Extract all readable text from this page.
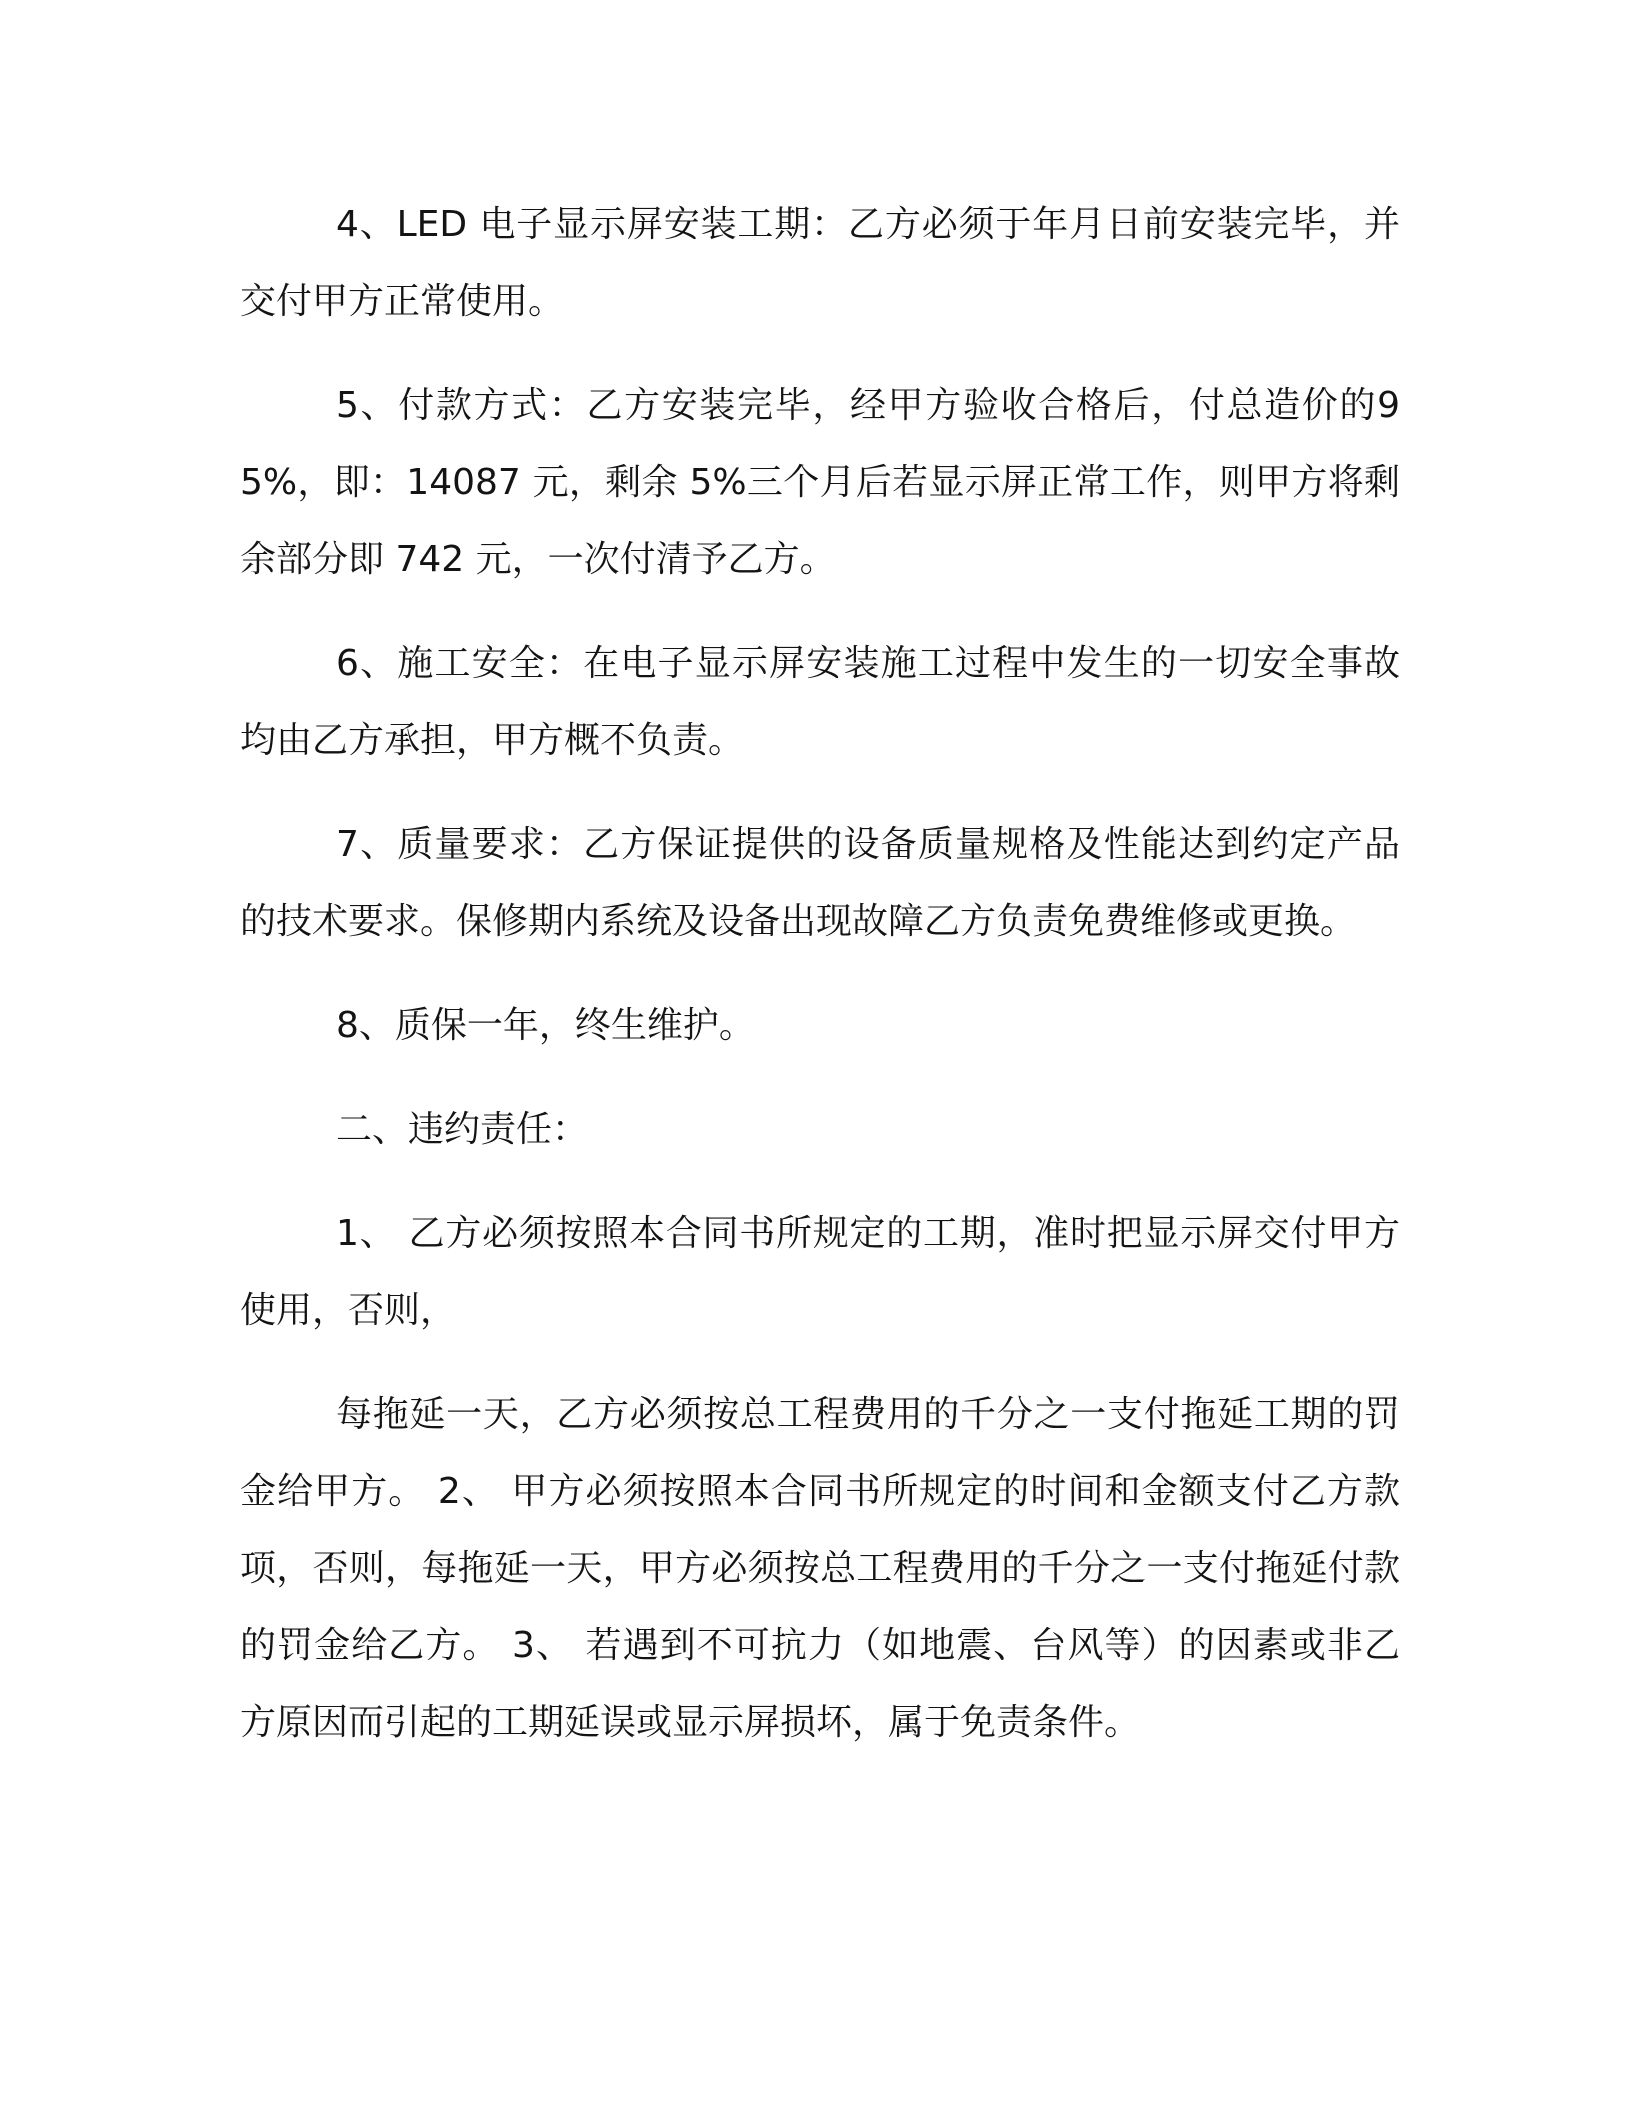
4、LED 电子显示屏安装工期：乙方必须于年月日前安装完毕，并交付甲方正常使用。

5、付款方式：乙方安装完毕，经甲方验收合格后，付总造价的95%，即：14087 元，剩余 5%三个月后若显示屏正常工作，则甲方将剩余部分即 742 元，一次付清予乙方。

6、施工安全：在电子显示屏安装施工过程中发生的一切安全事故均由乙方承担，甲方概不负责。

7、质量要求：乙方保证提供的设备质量规格及性能达到约定产品的技术要求。保修期内系统及设备出现故障乙方负责免费维修或更换。

8、质保一年，终生维护。

二、违约责任：

1、 乙方必须按照本合同书所规定的工期，准时把显示屏交付甲方使用，否则，

每拖延一天，乙方必须按总工程费用的千分之一支付拖延工期的罚金给甲方。 2、 甲方必须按照本合同书所规定的时间和金额支付乙方款项，否则，每拖延一天，甲方必须按总工程费用的千分之一支付拖延付款的罚金给乙方。 3、 若遇到不可抗力（如地震、台风等）的因素或非乙方原因而引起的工期延误或显示屏损坏，属于免责条件。
